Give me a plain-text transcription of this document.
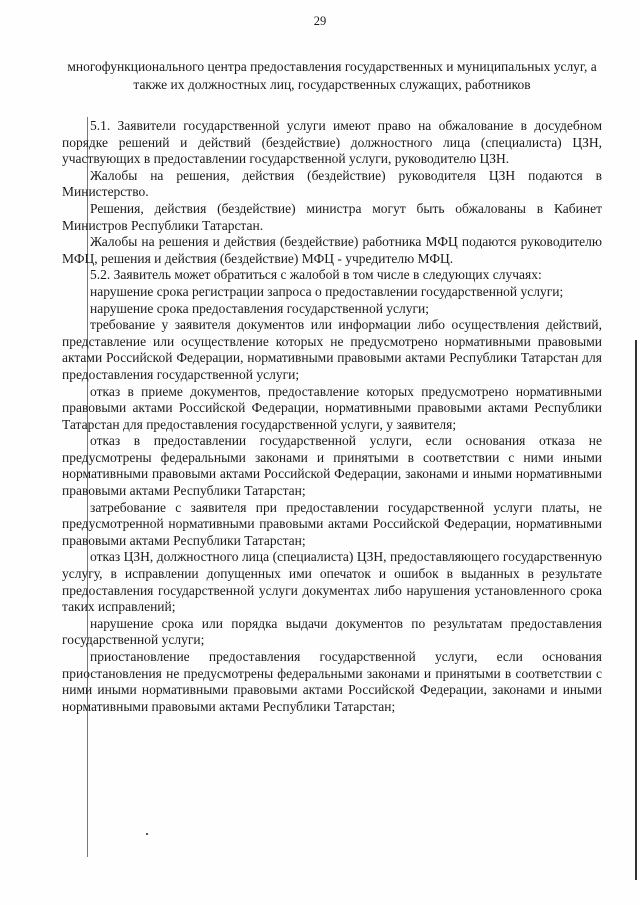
29
многофункционального центра предоставления государственных и муниципальных услуг, а также их должностных лиц, государственных служащих, работников

5.1. Заявители государственной услуги имеют право на обжалование в досудебном порядке решений и действий (бездействие) должностного лица (специалиста) ЦЗН, участвующих в предоставлении государственной услуги, руководителю ЦЗН.

Жалобы на решения, действия (бездействие) руководителя ЦЗН подаются в Министерство.

Решения, действия (бездействие) министра могут быть обжалованы в Кабинет Министров Республики Татарстан.

Жалобы на решения и действия (бездействие) работника МФЦ подаются руководителю МФЦ, решения и действия (бездействие) МФЦ - учредителю МФЦ.

5.2. Заявитель может обратиться с жалобой в том числе в следующих случаях:

нарушение срока регистрации запроса о предоставлении государственной услуги;

нарушение срока предоставления государственной услуги;

требование у заявителя документов или информации либо осуществления действий, представление или осуществление которых не предусмотрено нормативными правовыми актами Российской Федерации, нормативными правовыми актами Республики Татарстан для предоставления государственной услуги;

отказ в приеме документов, предоставление которых предусмотрено нормативными правовыми актами Российской Федерации, нормативными правовыми актами Республики Татарстан для предоставления государственной услуги, у заявителя;

отказ в предоставлении государственной услуги, если основания отказа не предусмотрены федеральными законами и принятыми в соответствии с ними иными нормативными правовыми актами Российской Федерации, законами и иными нормативными правовыми актами Республики Татарстан;

затребование с заявителя при предоставлении государственной услуги платы, не предусмотренной нормативными правовыми актами Российской Федерации, нормативными правовыми актами Республики Татарстан;

отказ ЦЗН, должностного лица (специалиста) ЦЗН, предоставляющего государственную услугу, в исправлении допущенных ими опечаток и ошибок в выданных в результате предоставления государственной услуги документах либо нарушения установленного срока таких исправлений;

нарушение срока или порядка выдачи документов по результатам предоставления государственной услуги;

приостановление предоставления государственной услуги, если основания приостановления не предусмотрены федеральными законами и принятыми в соответствии с ними иными нормативными правовыми актами Российской Федерации, законами и иными нормативными правовыми актами Республики Татарстан;
